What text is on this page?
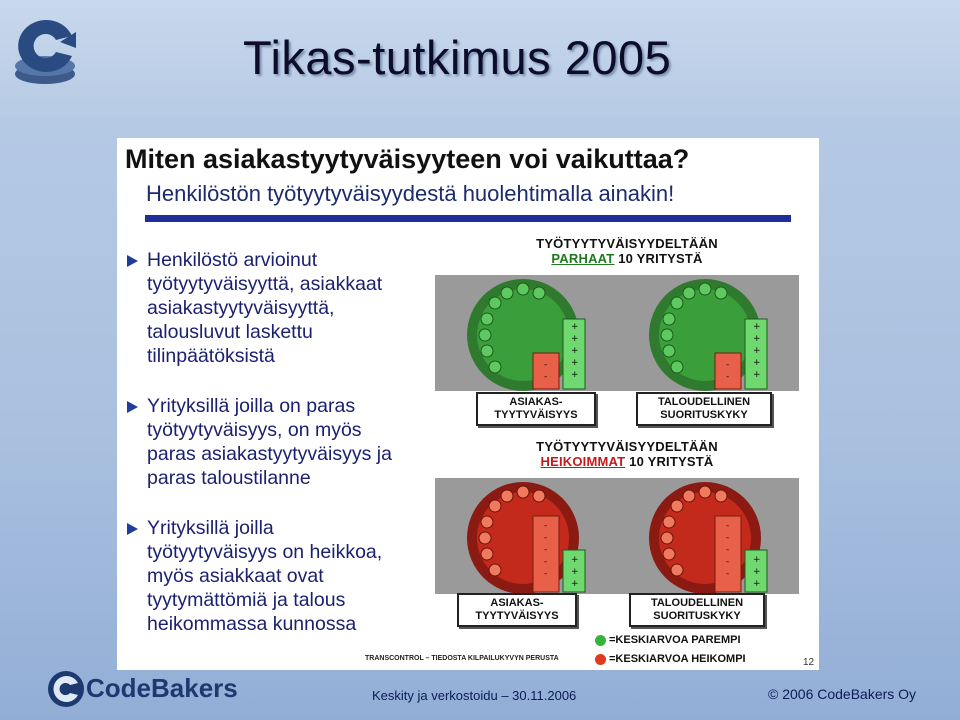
Tikas-tutkimus 2005
Miten asiakastyytyväisyyteen voi vaikuttaa?
Henkilöstön työtyytyväisyydestä huolehtimalla ainakin!
Henkilöstö arvioinut
työtyytyväisyyttä, asiakkaat
asiakastyytyväisyyttä,
talousluvut laskettu
tilinpäätöksistä
Yrityksillä joilla on paras
työtyytyväisyys, on myös
paras asiakastyytyväisyys ja
paras taloustilanne
Yrityksillä joilla
työtyytyväisyys on heikkoa,
myös asiakkaat ovat
tyytymättömiä ja talous
heikommassa kunnossa
TYÖTYYTYVÄISYYDELTÄÄN
PARHAAT 10 YRITYSTÄ
-
-
+
+
+
+
+
-
-
+
+
+
+
+
ASIAKAS-
TYYTYVÄISYYS
TALOUDELLINEN
SUORITUSKYKY
TYÖTYYTYVÄISYYDELTÄÄN
HEIKOIMMAT 10 YRITYSTÄ
-
-
-
-
-
+
+
+
-
-
-
-
-
+
+
+
ASIAKAS-
TYYTYVÄISYYS
TALOUDELLINEN
SUORITUSKYKY
=KESKIARVOA PAREMPI
=KESKIARVOA HEIKOMPI
TRANSCONTROL – TIEDOSTA KILPAILUKYVYN PERUSTA	12
CodeBakers	Keskity ja verkostoidu – 30.11.2006	© 2006 CodeBakers Oy
